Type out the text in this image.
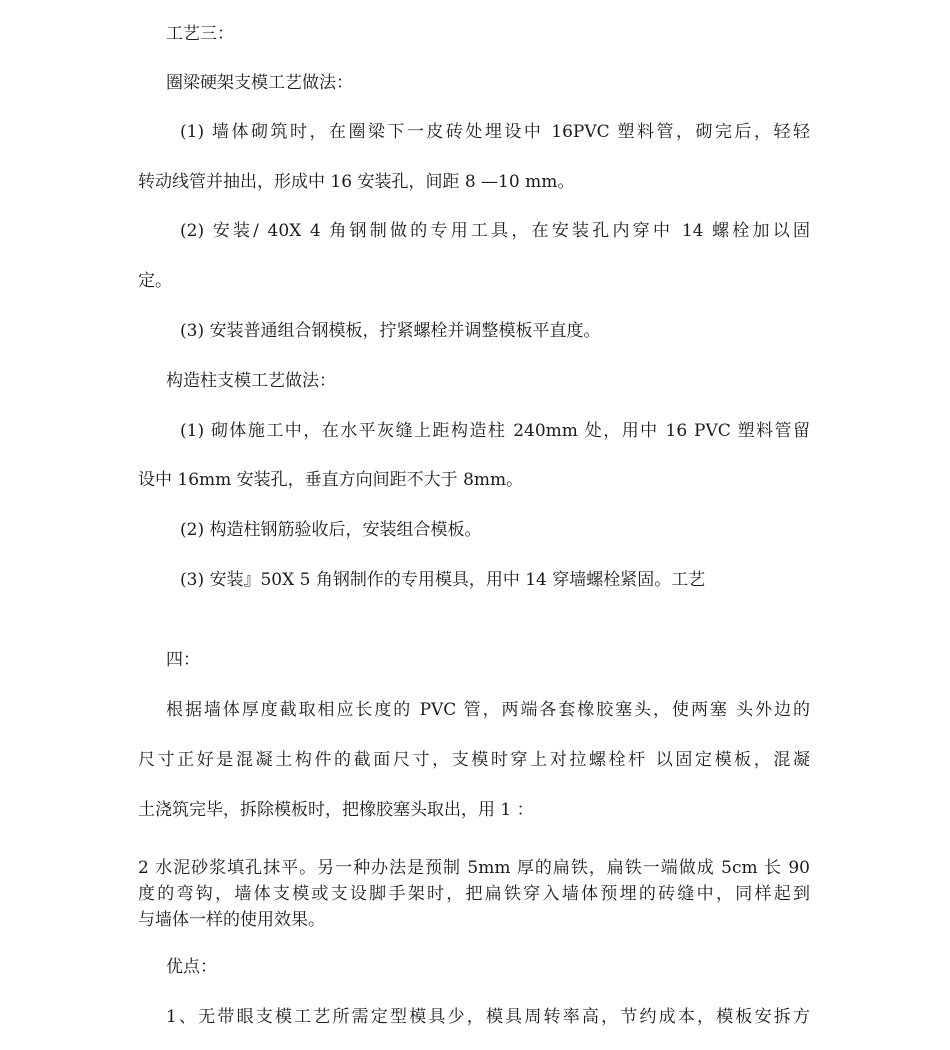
工艺三：

圈梁硬架支模工艺做法：

(1) 墙体砌筑时，在圈梁下一皮砖处埋设中 16PVC 塑料管，砌完后，轻轻

转动线管并抽出，形成中 16 安装孔，间距 8 —10 mm。

(2) 安装/ 40X 4 角钢制做的专用工具，在安装孔内穿中 14 螺栓加以固

定。

(3) 安装普通组合钢模板，拧紧螺栓并调整模板平直度。

构造柱支模工艺做法：

(1) 砌体施工中，在水平灰缝上距构造柱 240mm 处，用中 16 PVC 塑料管留

设中 16mm 安装孔，垂直方向间距不大于 8mm。

(2) 构造柱钢筋验收后，安装组合模板。

(3) 安装』50X 5 角钢制作的专用模具，用中 14 穿墙螺栓紧固。工艺

四：

根据墙体厚度截取相应长度的 PVC 管，两端各套橡胶塞头，使两塞 头外边的

尺寸正好是混凝土构件的截面尺寸，支模时穿上对拉螺栓杆 以固定模板，混凝

土浇筑完毕，拆除模板时，把橡胶塞头取出，用 1 ：

2 水泥砂浆填孔抹平。另一种办法是预制 5mm 厚的扁铁，扁铁一端做成 5cm 长 90
度的弯钩，墙体支模或支设脚手架时，把扁铁穿入墙体预埋的砖缝中，同样起到
与墙体一样的使用效果。

优点：

1、无带眼支模工艺所需定型模具少，模具周转率高，节约成本，模板安拆方
